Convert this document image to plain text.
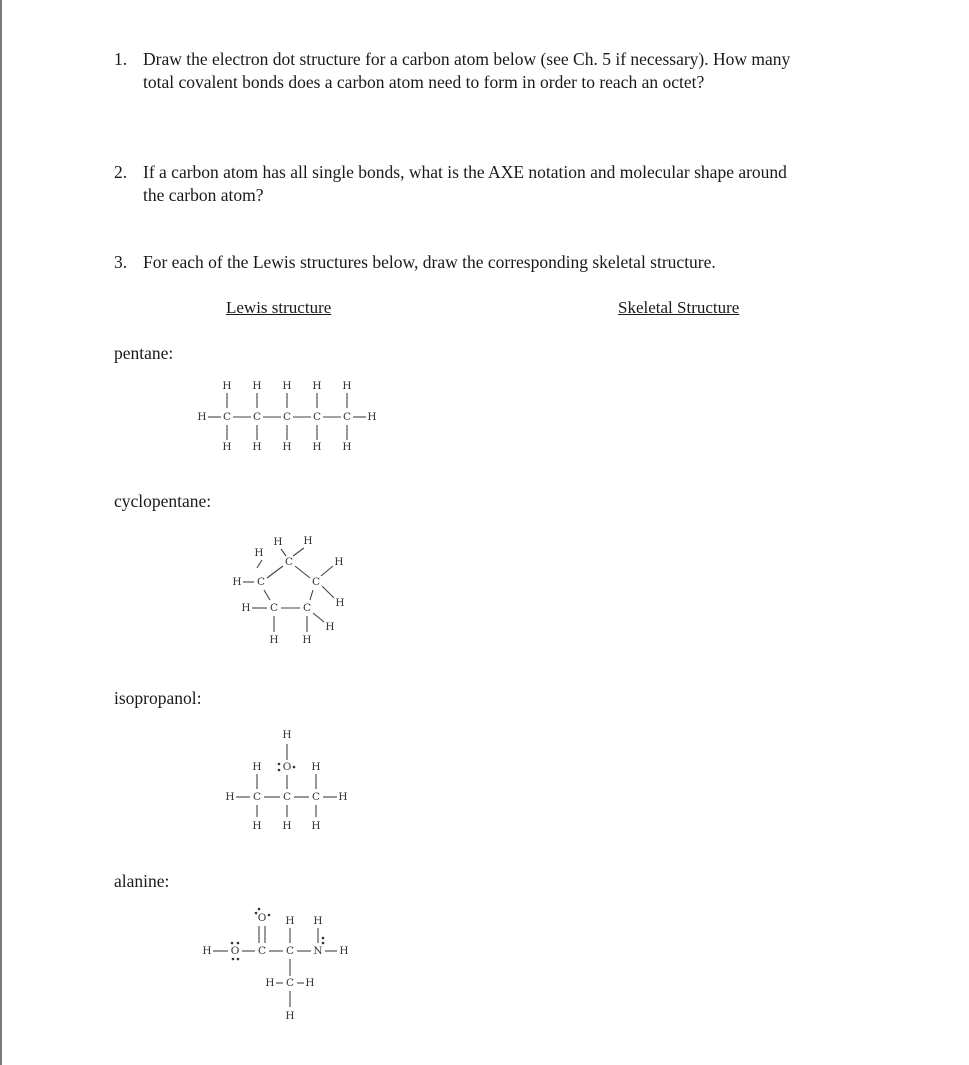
1. Draw the electron dot structure for a carbon atom below (see Ch. 5 if necessary). How many
total covalent bonds does a carbon atom need to form in order to reach an octet?
2. If a carbon atom has all single bonds, what is the AXE notation and molecular shape around
the carbon atom?
3. For each of the Lewis structures below, draw the corresponding skeletal structure.
Lewis structure	Skeletal Structure
pentane:
cyclopentane:
isopropanol:
alanine:
H C
H
H
C
H
H
C
H
H
C
H
H
C
H
H
H
C
C
C
C
C
H H
H
H
H
H
H
H
H H
H C
H
C
H
C
H
H
H	H
O
H
H O C
O
C
H
N
H
H
H C H
H
